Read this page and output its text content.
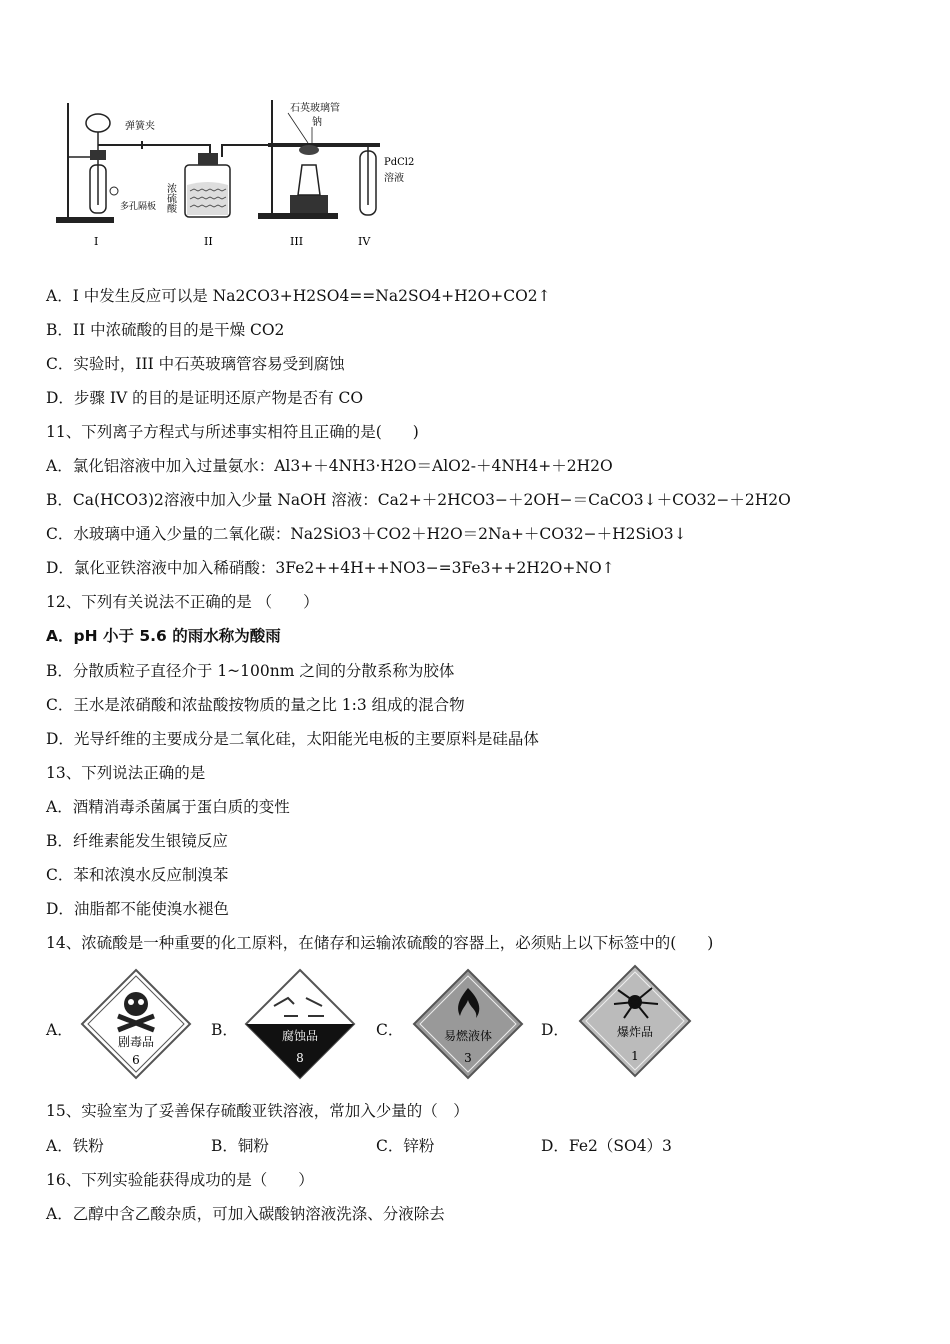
多孔隔板
弹簧夹
浓硫酸
石英玻璃管
钠
PdCl2
溶液
I	II	III	IV
A．I 中发生反应可以是 Na2CO3+H2SO4==Na2SO4+H2O+CO2↑
B．II 中浓硫酸的目的是干燥 CO2
C．实验时，III 中石英玻璃管容易受到腐蚀
D．步骤 IV 的目的是证明还原产物是否有 CO
11、下列离子方程式与所述事实相符且正确的是(　　)
A．氯化铝溶液中加入过量氨水：Al3+＋4NH3·H2O＝AlO2-＋4NH4+＋2H2O
B．Ca(HCO3)2溶液中加入少量 NaOH 溶液：Ca2+＋2HCO3−＋2OH−＝CaCO3↓＋CO32−＋2H2O
C．水玻璃中通入少量的二氧化碳：Na2SiO3＋CO2＋H2O＝2Na+＋CO32−＋H2SiO3↓
D．氯化亚铁溶液中加入稀硝酸：3Fe2++4H++NO3−=3Fe3++2H2O+NO↑
12、下列有关说法不正确的是 （　　）
A．pH 小于 5.6 的雨水称为酸雨
B．分散质粒子直径介于 1~100nm 之间的分散系称为胶体
C．王水是浓硝酸和浓盐酸按物质的量之比 1:3 组成的混合物
D．光导纤维的主要成分是二氧化硅，太阳能光电板的主要原料是硅晶体
13、下列说法正确的是
A．酒精消毒杀菌属于蛋白质的变性
B．纤维素能发生银镜反应
C．苯和浓溴水反应制溴苯
D．油脂都不能使溴水褪色
14、浓硫酸是一种重要的化工原料，在储存和运输浓硫酸的容器上，必须贴上以下标签中的(　　)
A．
剧毒品
6
B．	腐蚀品
8
C．	易燃液体
3
D．	爆炸品
1
15、实验室为了妥善保存硫酸亚铁溶液，常加入少量的（　）
A．铁粉	B．铜粉	C．锌粉	D．Fe2（SO4）3
16、下列实验能获得成功的是（　　）
A．乙醇中含乙酸杂质，可加入碳酸钠溶液洗涤、分液除去
